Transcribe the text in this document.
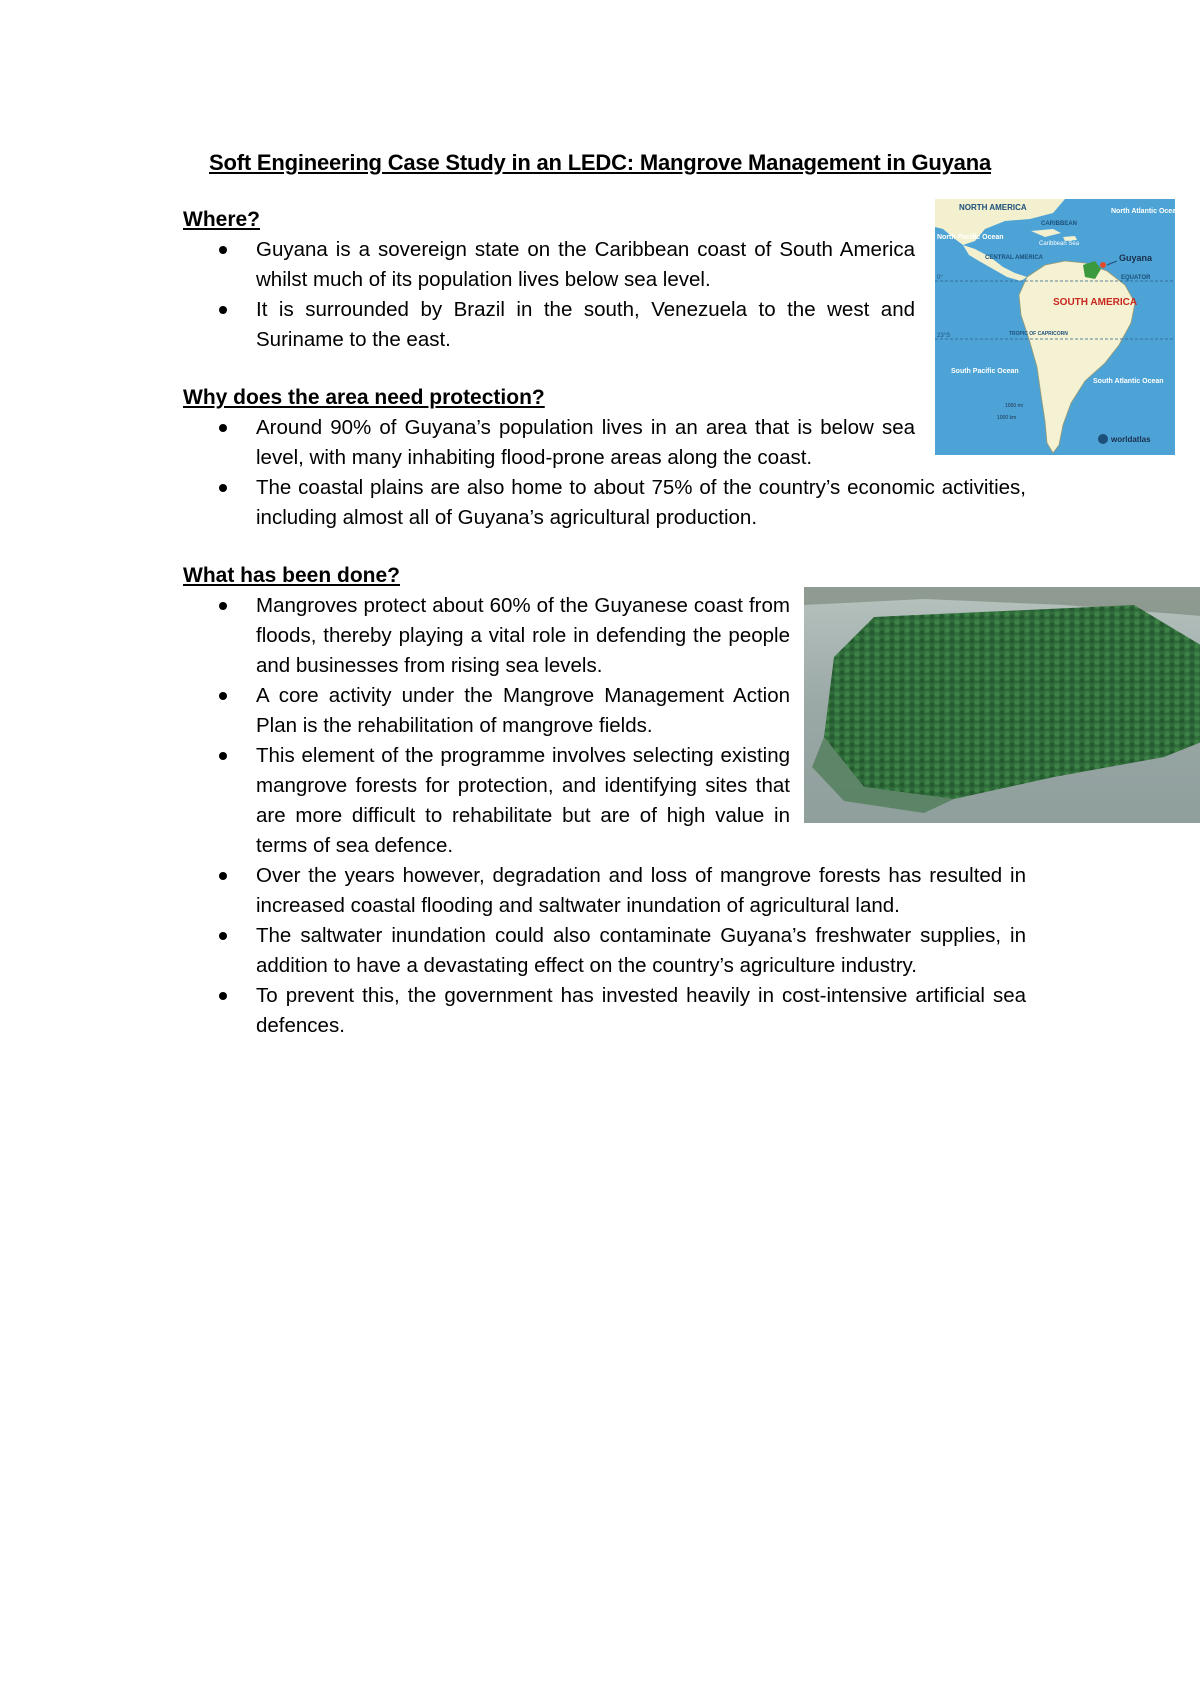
Soft Engineering Case Study in an LEDC: Mangrove Management in Guyana
Where?
Guyana is a sovereign state on the Caribbean coast of South America whilst much of its population lives below sea level.
It is surrounded by Brazil in the south, Venezuela to the west and Suriname to the east.
Why does the area need protection?
Around 90% of Guyana’s population lives in an area that is below sea level, with many inhabiting flood-prone areas along the coast.
The coastal plains are also home to about 75% of the country’s economic activities, including almost all of Guyana’s agricultural production.
What has been done?
Mangroves protect about 60% of the Guyanese coast from floods, thereby playing a vital role in defending the people and businesses from rising sea levels.
A core activity under the Mangrove Management Action Plan is the rehabilitation of mangrove fields.
This element of the programme involves selecting existing mangrove forests for protection, and identifying sites that are more difficult to rehabilitate but are of high value in terms of sea defence.
Over the years however, degradation and loss of mangrove forests has resulted in increased coastal flooding and saltwater inundation of agricultural land.
The saltwater inundation could also contaminate Guyana’s freshwater supplies, in addition to have a devastating effect on the country’s agriculture industry.
To prevent this, the government has invested heavily in cost-intensive artificial sea defences.
NORTH AMERICA	North Atlantic Ocean
CARIBBEAN
Caribbean Sea
North Pacific Ocean
CENTRAL AMERICA	Guyana
EQUATOR
0°
SOUTH AMERICA
TROPIC OF CAPRICORN
23°S
South Pacific Ocean
South Atlantic Ocean
1000 mi
1000 km
worldatlas
